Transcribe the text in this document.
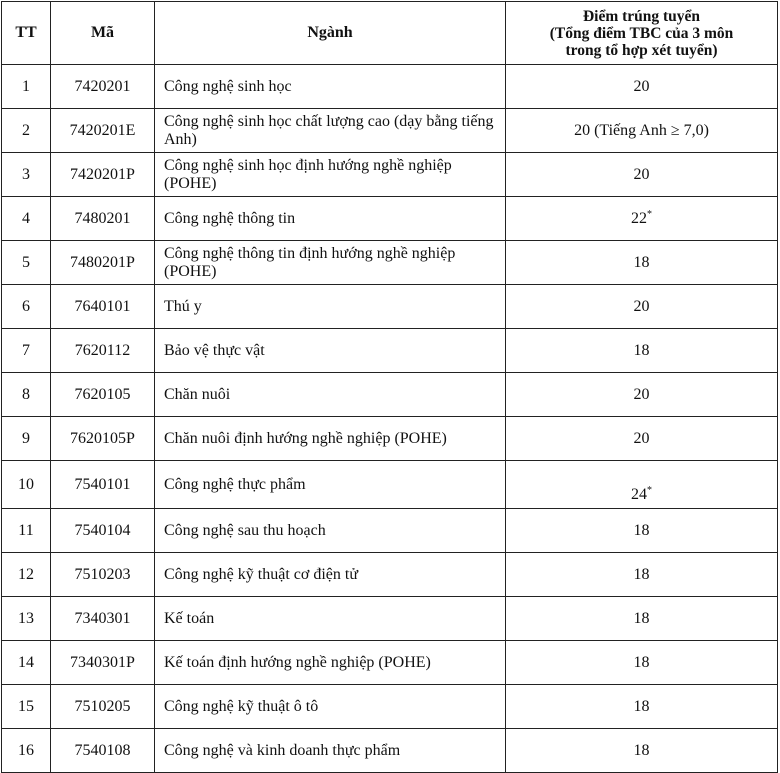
TT	Mã	Ngành	Điểm trúng tuyển
(Tổng điểm TBC của 3 môn
trong tổ hợp xét tuyển)
1	7420201	Công nghệ sinh học	20
2	7420201E	Công nghệ sinh học chất lượng cao (dạy bằng tiếng Anh)	20 (Tiếng Anh ≥ 7,0)
3	7420201P	Công nghệ sinh học định hướng nghề nghiệp (POHE)	20
4	7480201	Công nghệ thông tin	22*
5	7480201P	Công nghệ thông tin định hướng nghề nghiệp (POHE)	18
6	7640101	Thú y	20
7	7620112	Bảo vệ thực vật	18
8	7620105	Chăn nuôi	20
9	7620105P	Chăn nuôi định hướng nghề nghiệp (POHE)	20
10	7540101	Công nghệ thực phẩm	24*
11	7540104	Công nghệ sau thu hoạch	18
12	7510203	Công nghệ kỹ thuật cơ điện tử	18
13	7340301	Kế toán	18
14	7340301P	Kế toán định hướng nghề nghiệp (POHE)	18
15	7510205	Công nghệ kỹ thuật ô tô	18
16	7540108	Công nghệ và kinh doanh thực phẩm	18
